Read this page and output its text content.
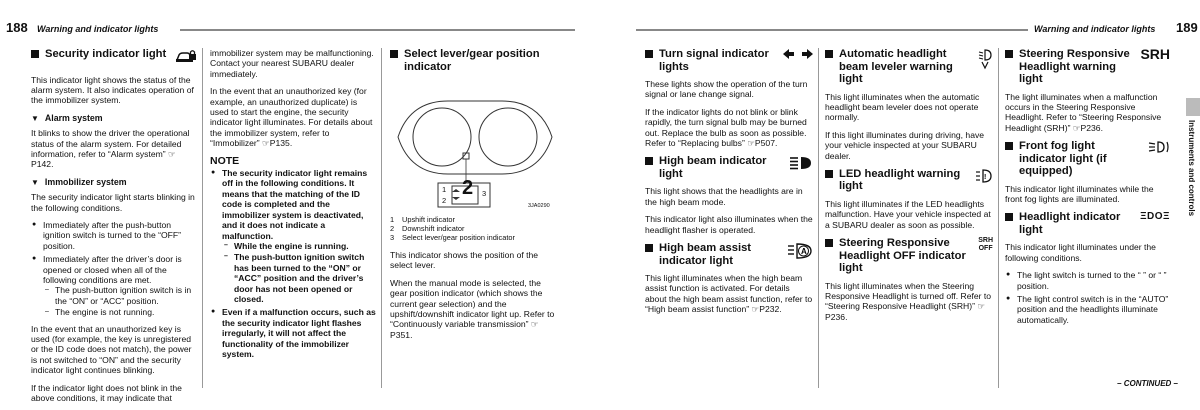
188 Warning and indicator lights	Warning and indicator lights 189
Security indicator light

This indicator light shows the status of the alarm system. It also indicates operation of the immobilizer system.

▼ Alarm system

It blinks to show the driver the operational status of the alarm system. For detailed information, refer to “Alarm system” ☞P142.

▼ Immobilizer system

The security indicator light starts blinking in the following conditions.

● Immediately after the push-button ignition switch is turned to the “OFF” position.
● Immediately after the driver’s door is opened or closed when all of the following conditions are met.
– The push-button ignition switch is in the “ON” or “ACC” position.
– The engine is not running.

In the event that an unauthorized key is used (for example, the key is unregistered or the ID code does not match), the power is not switched to “ON” and the security indicator light continues blinking.

If the indicator light does not blink in the above conditions, it may indicate that

immobilizer system may be malfunctioning. Contact your nearest SUBARU dealer immediately.

In the event that an unauthorized key (for example, an unauthorized duplicate) is used to start the engine, the security indicator light illuminates. For details about the immobilizer system, refer to “Immobilizer” ☞P135.

NOTE
● The security indicator light remains off in the following conditions. It means that the matching of the ID code is completed and the immobilizer system is deactivated, and it does not indicate a malfunction.
– While the engine is running.
– The push-button ignition switch has been turned to the “ON” or “ACC” position and the driver’s door has not been opened or closed.
● Even if a malfunction occurs, such as the security indicator light flashes irregularly, it will not affect the functionality of the immobilizer system.
Select lever/gear position indicator
2
1
2
3
3JA0290
1 Upshift indicator
2 Downshift indicator
3 Select lever/gear position indicator

This indicator shows the position of the select lever.

When the manual mode is selected, the gear position indicator (which shows the current gear selection) and the upshift/downshift indicator light up. Refer to “Continuously variable transmission” ☞P351.

Turn signal indicator lights

These lights show the operation of the turn signal or lane change signal.

If the indicator lights do not blink or blink rapidly, the turn signal bulb may be burned out. Replace the bulb as soon as possible. Refer to “Replacing bulbs” ☞P507.

High beam indicator light

This light shows that the headlights are in the high beam mode.

This indicator light also illuminates when the headlight flasher is operated.

High beam assist indicator light
A

This light illuminates when the high beam assist function is activated. For details about the high beam assist function, refer to “High beam assist function” ☞P232.

Automatic headlight beam leveler warning light

This light illuminates when the automatic headlight beam leveler does not operate normally.

If this light illuminates during driving, have your vehicle inspected at your SUBARU dealer.

LED headlight warning light
!

This light illuminates if the LED headlights malfunction. Have your vehicle inspected at a SUBARU dealer as soon as possible.

Steering Responsive Headlight OFF indicator light
SRH
OFF

This light illuminates when the Steering Responsive Headlight is turned off. Refer to “Steering Responsive Headlight (SRH)” ☞P236.

Steering Responsive Headlight warning light
SRH

The light illuminates when a malfunction occurs in the Steering Responsive Headlight. Refer to “Steering Responsive Headlight (SRH)” ☞P236.

Front fog light indicator light (if equipped)

This indicator light illuminates while the front fog lights are illuminated.

Headlight indicator light
ΞDOΞ

This indicator light illuminates under the following conditions.

● The light switch is turned to the “ ” or “ ” position.
● The light control switch is in the “AUTO” position and the headlights illuminate automatically.
Instruments and controls
– CONTINUED –
